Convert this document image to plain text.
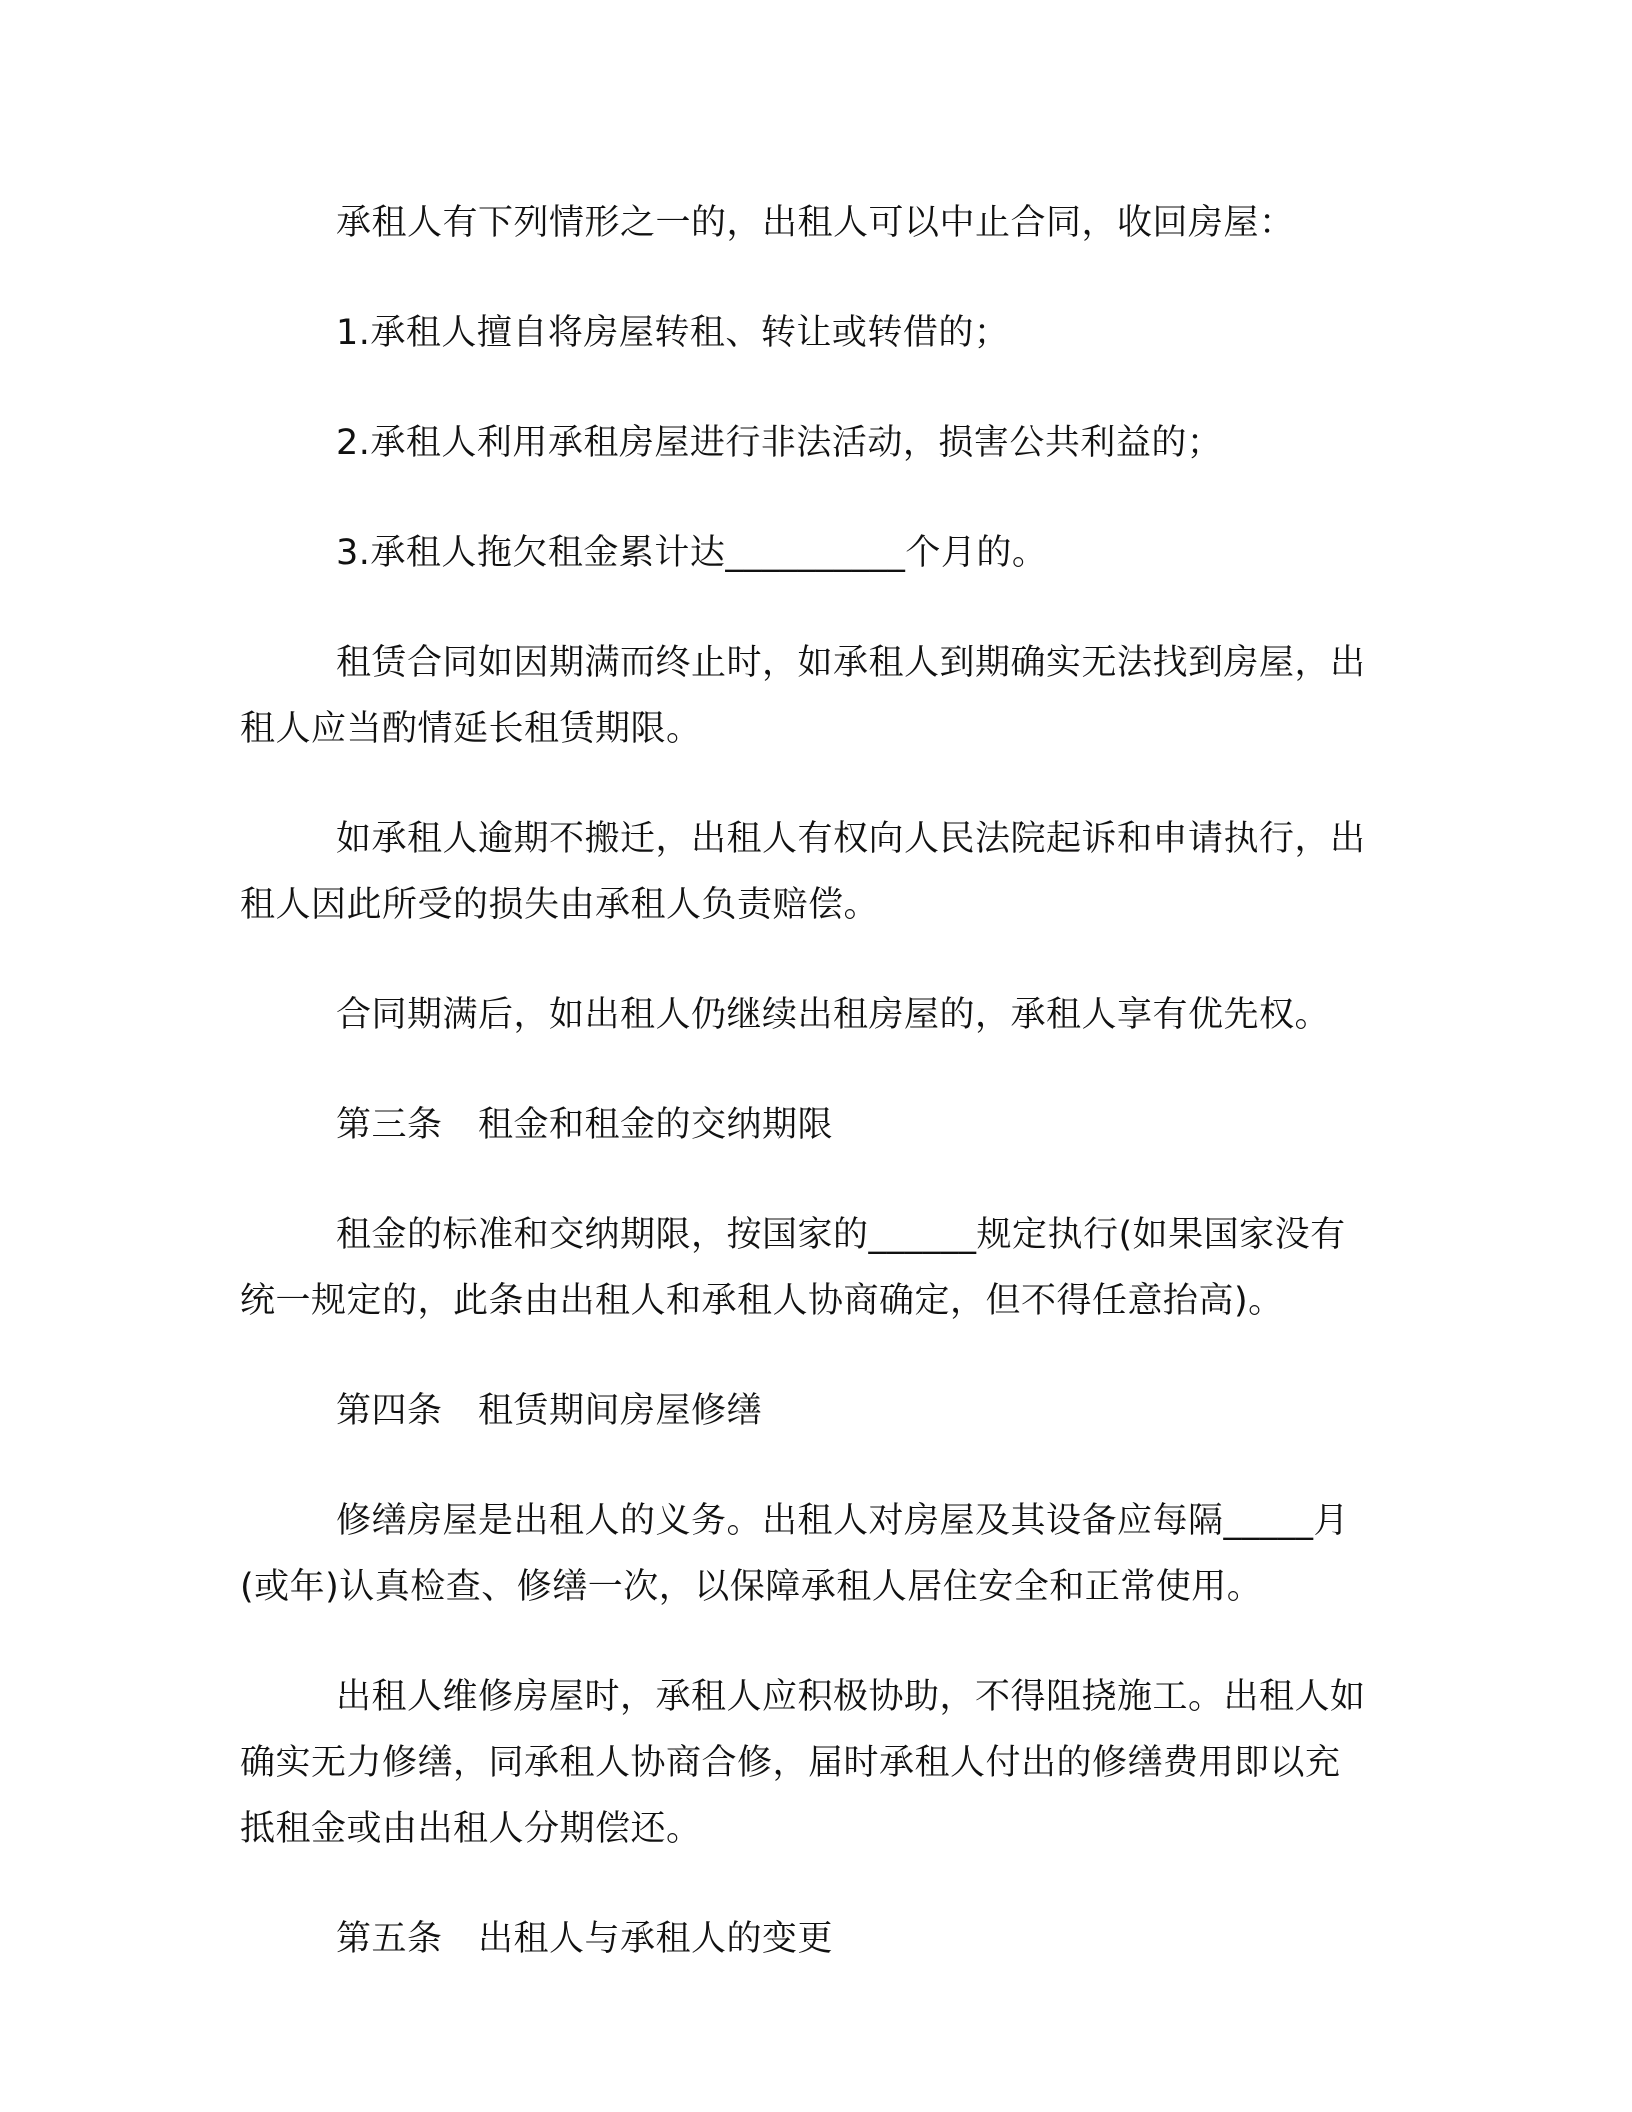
承租人有下列情形之一的，出租人可以中止合同，收回房屋：

1.承租人擅自将房屋转租、转让或转借的；

2.承租人利用承租房屋进行非法活动，损害公共利益的；

3.承租人拖欠租金累计达__________个月的。

租赁合同如因期满而终止时，如承租人到期确实无法找到房屋，出租人应当酌情延长租赁期限。

如承租人逾期不搬迁，出租人有权向人民法院起诉和申请执行，出租人因此所受的损失由承租人负责赔偿。

合同期满后，如出租人仍继续出租房屋的，承租人享有优先权。

第三条　租金和租金的交纳期限

租金的标准和交纳期限，按国家的______规定执行(如果国家没有统一规定的，此条由出租人和承租人协商确定，但不得任意抬高)。

第四条　租赁期间房屋修缮

修缮房屋是出租人的义务。出租人对房屋及其设备应每隔_____月(或年)认真检查、修缮一次，以保障承租人居住安全和正常使用。

出租人维修房屋时，承租人应积极协助，不得阻挠施工。出租人如确实无力修缮，同承租人协商合修，届时承租人付出的修缮费用即以充抵租金或由出租人分期偿还。

第五条　出租人与承租人的变更
